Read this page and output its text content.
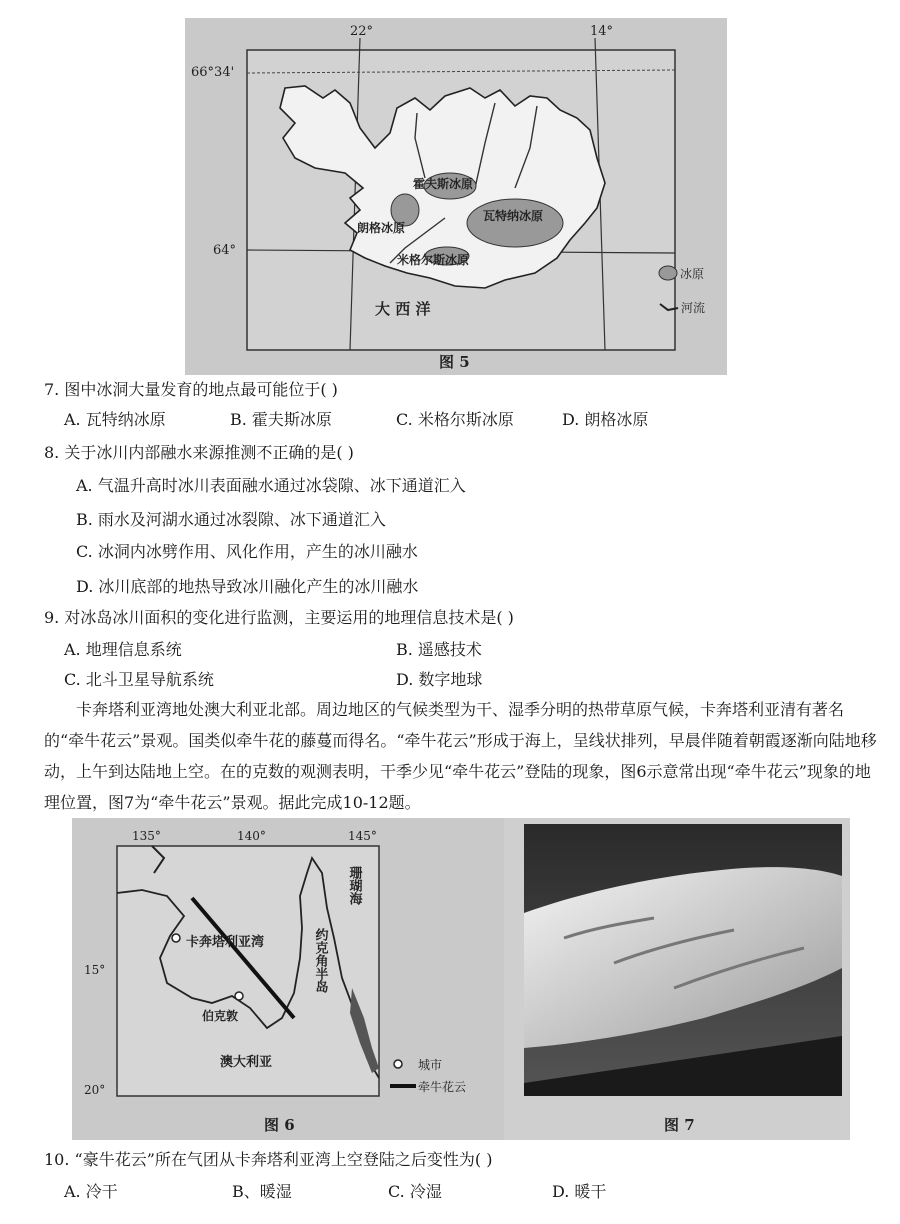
22°	14°
66°34'
64°
霍夫斯冰原
瓦特纳冰原
朗格冰原
米格尔斯冰原
大 西 洋
冰原
河流
图 5
7. 图中冰洞大量发育的地点最可能位于( )
A. 瓦特纳冰原	B. 霍夫斯冰原	C. 米格尔斯冰原	D. 朗格冰原
8. 关于冰川内部融水来源推测不正确的是( )
A. 气温升高时冰川表面融水通过冰袋隙、冰下通道汇入
B. 雨水及河湖水通过冰裂隙、冰下通道汇入
C. 冰洞内冰劈作用、风化作用，产生的冰川融水
D. 冰川底部的地热导致冰川融化产生的冰川融水
9. 对冰岛冰川面积的变化进行监测，主要运用的地理信息技术是( )
A. 地理信息系统	B. 遥感技术
C. 北斗卫星导航系统	D. 数字地球
卡奔塔利亚湾地处澳大利亚北部。周边地区的气候类型为干、湿季分明的热带草原气候，卡奔塔利亚清有著名的“牵牛花云”景观。国类似牵牛花的藤蔓而得名。“牵牛花云”形成于海上，呈线状排列，早晨伴随着朝霞逐渐向陆地移动，上午到达陆地上空。在的克数的观测表明，干季少见“牵牛花云”登陆的现象，图6示意常出现“牵牛花云”现象的地理位置，图7为“牵牛花云”景观。据此完成10-12题。
135°	140°	145°
15°
20°
卡奔塔利亚湾	约克角半岛
珊瑚海
伯克敦
澳大利亚	城市
牵牛花云
图 6	图 7
10. “豪牛花云”所在气团从卡奔塔利亚湾上空登陆之后变性为( )
A. 冷干	B、暖湿	C. 冷湿	D. 暖干
